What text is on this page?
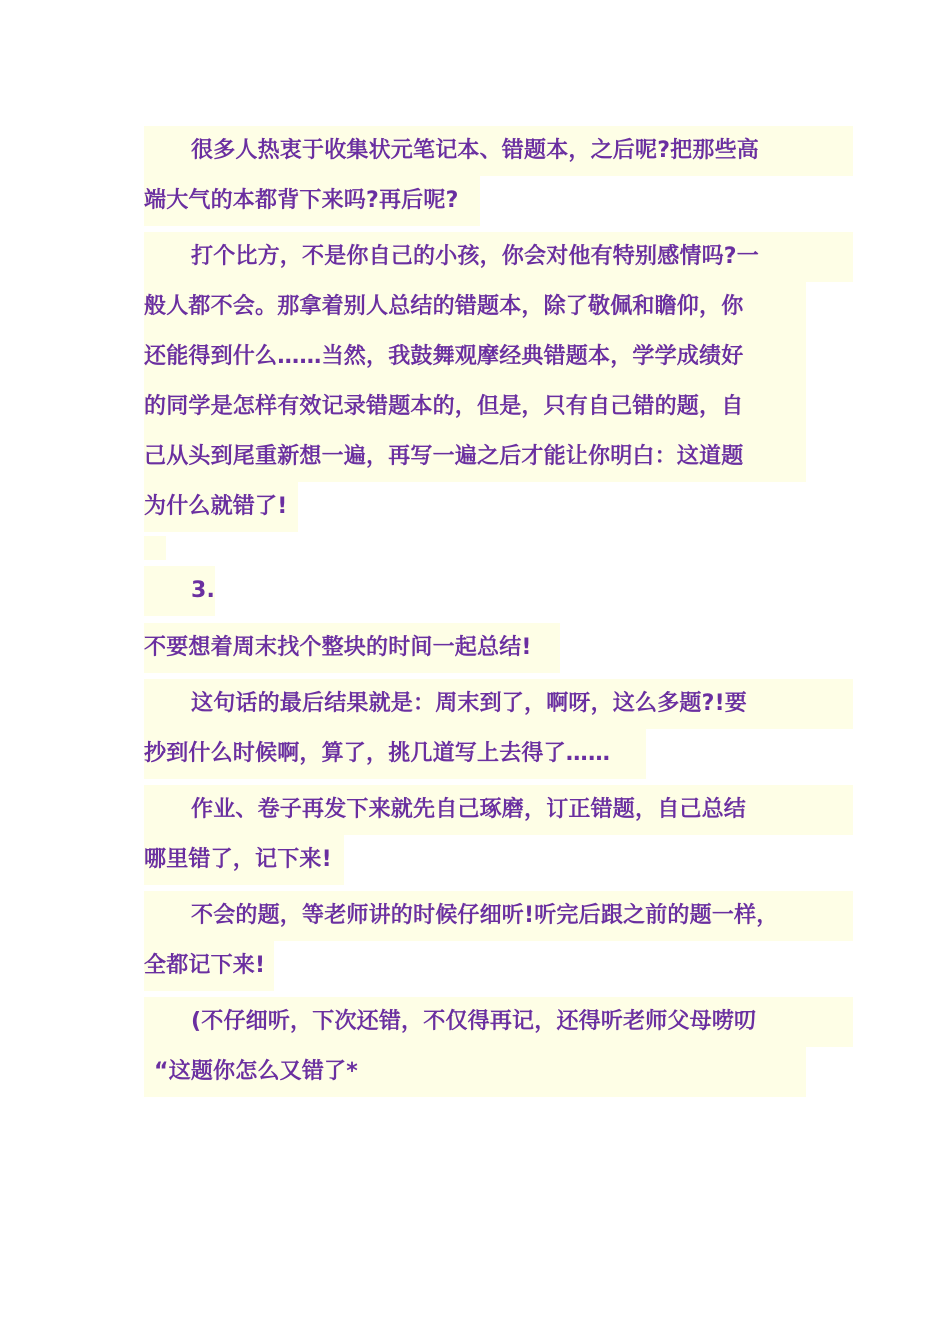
很多人热衷于收集状元笔记本、错题本，之后呢?把那些高
端大气的本都背下来吗?再后呢?
打个比方，不是你自己的小孩，你会对他有特别感情吗?一
般人都不会。那拿着别人总结的错题本，除了敬佩和瞻仰，你
还能得到什么……当然，我鼓舞观摩经典错题本，学学成绩好
的同学是怎样有效记录错题本的，但是，只有自己错的题，自
己从头到尾重新想一遍，再写一遍之后才能让你明白：这道题
为什么就错了!
3.
不要想着周末找个整块的时间一起总结!
这句话的最后结果就是：周末到了，啊呀，这么多题?!要
抄到什么时候啊，算了，挑几道写上去得了……
作业、卷子再发下来就先自己琢磨，订正错题，自己总结
哪里错了，记下来!
不会的题，等老师讲的时候仔细听!听完后跟之前的题一样，
全都记下来!
(不仔细听，下次还错，不仅得再记，还得听老师父母唠叨
“这题你怎么又错了*
